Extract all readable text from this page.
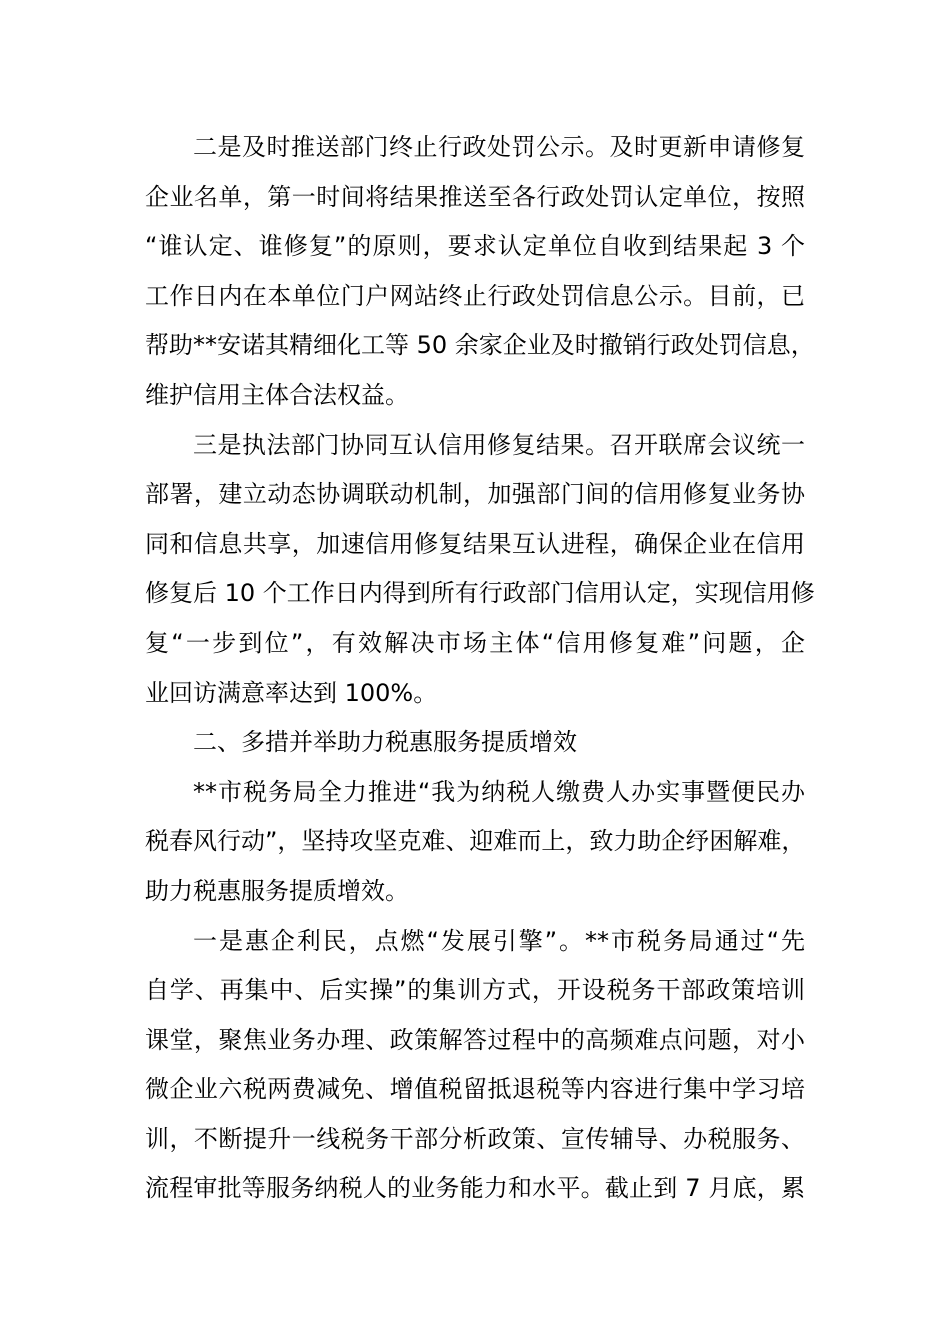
二是及时推送部门终止行政处罚公示。及时更新申请修复
企业名单，第一时间将结果推送至各行政处罚认定单位，按照
“谁认定、谁修复”的原则，要求认定单位自收到结果起 3 个
工作日内在本单位门户网站终止行政处罚信息公示。目前，已
帮助**安诺其精细化工等 50 余家企业及时撤销行政处罚信息，
维护信用主体合法权益。
三是执法部门协同互认信用修复结果。召开联席会议统一
部署，建立动态协调联动机制，加强部门间的信用修复业务协
同和信息共享，加速信用修复结果互认进程，确保企业在信用
修复后 10 个工作日内得到所有行政部门信用认定，实现信用修
复“一步到位”，有效解决市场主体“信用修复难”问题，企
业回访满意率达到 100%。
二、多措并举助力税惠服务提质增效
**市税务局全力推进“我为纳税人缴费人办实事暨便民办
税春风行动”，坚持攻坚克难、迎难而上，致力助企纾困解难，
助力税惠服务提质增效。
一是惠企利民，点燃“发展引擎”。**市税务局通过“先
自学、再集中、后实操”的集训方式，开设税务干部政策培训
课堂，聚焦业务办理、政策解答过程中的高频难点问题，对小
微企业六税两费减免、增值税留抵退税等内容进行集中学习培
训，不断提升一线税务干部分析政策、宣传辅导、办税服务、
流程审批等服务纳税人的业务能力和水平。截止到 7 月底，累
